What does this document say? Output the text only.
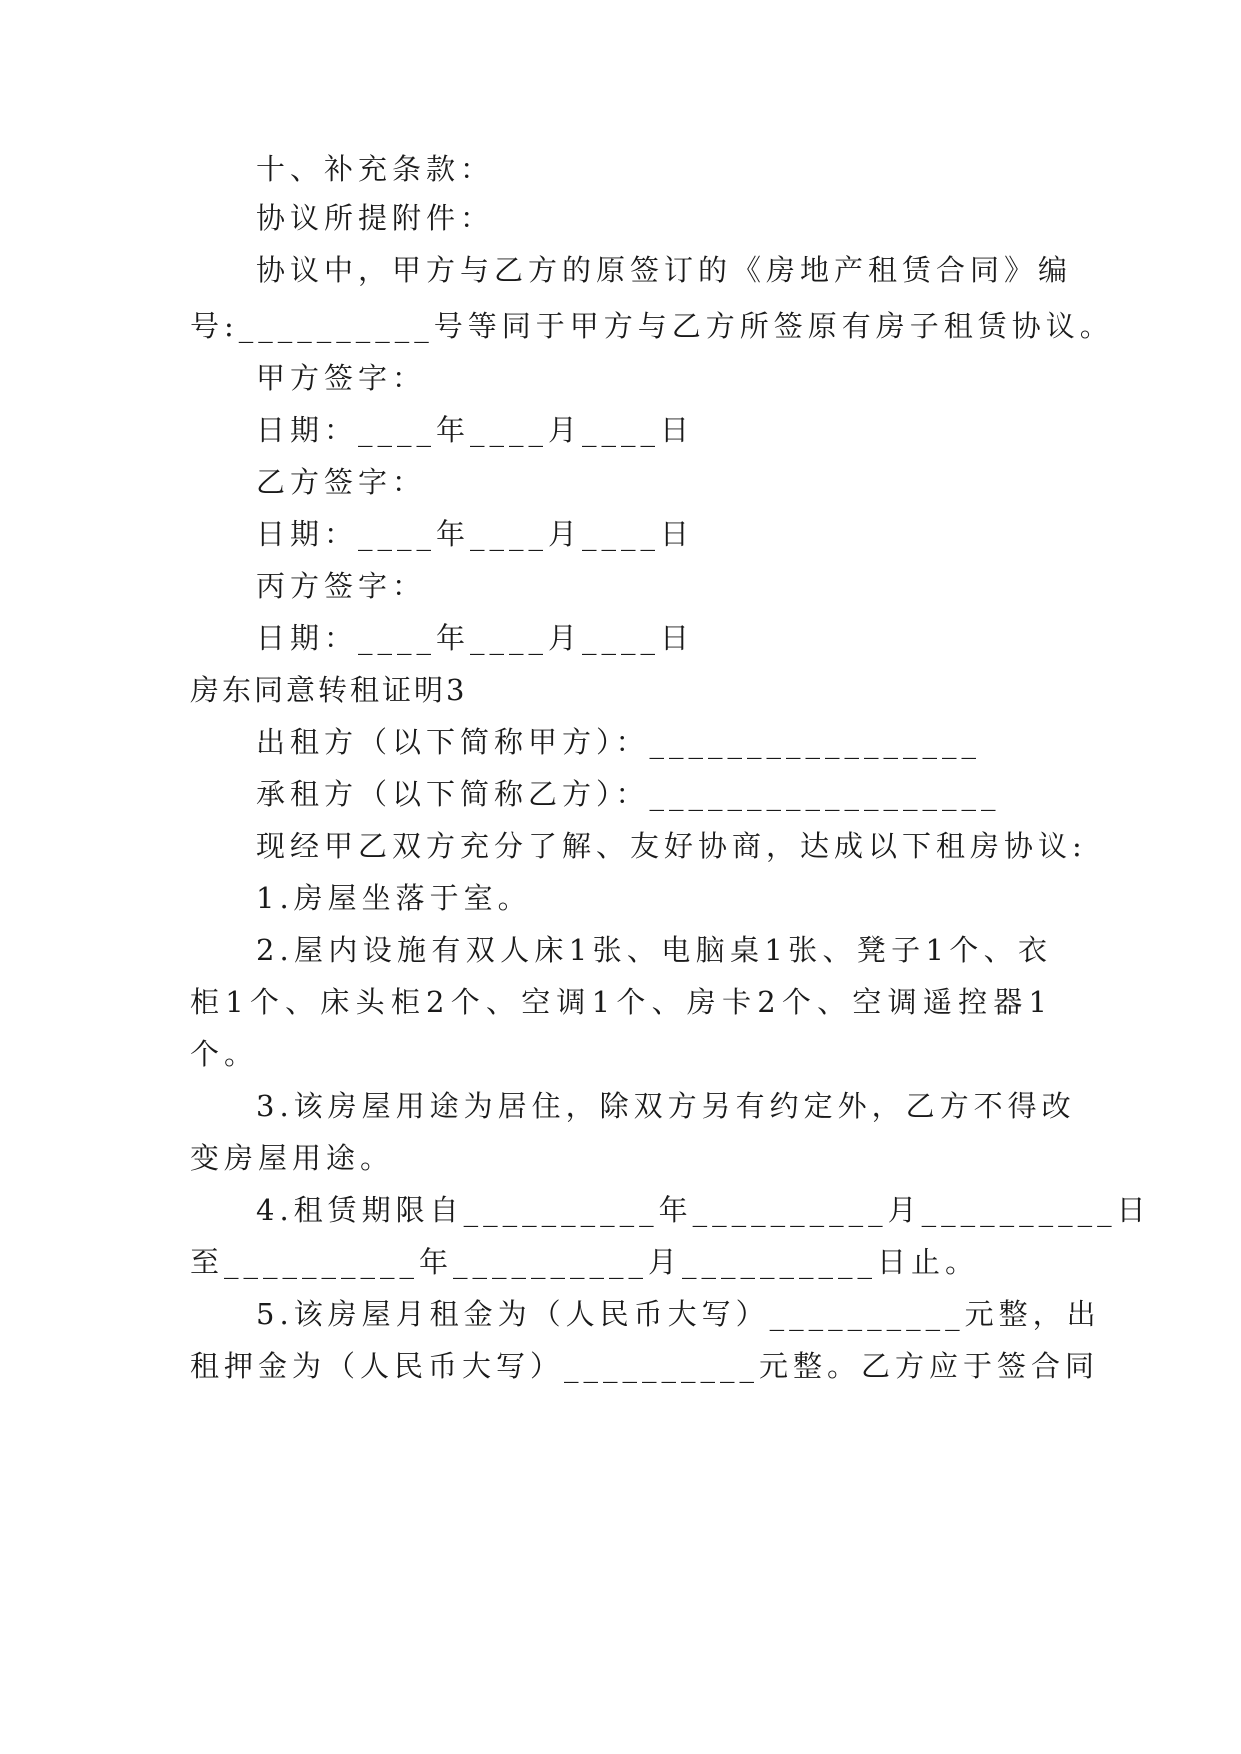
十、补充条款：
协议所提附件：
协议中，甲方与乙方的原签订的《房地产租赁合同》编
号:__________号等同于甲方与乙方所签原有房子租赁协议。
甲方签字：
日期：____年____月____日
乙方签字：
日期：____年____月____日
丙方签字：
日期：____年____月____日
房东同意转租证明3
出租方（以下简称甲方）：_________________
承租方（以下简称乙方）：__________________
现经甲乙双方充分了解、友好协商，达成以下租房协议:
1.房屋坐落于室。
2.屋内设施有双人床1张、电脑桌1张、凳子1个、衣
柜1个、床头柜2个、空调1个、房卡2个、空调遥控器1
个。
3.该房屋用途为居住，除双方另有约定外，乙方不得改
变房屋用途。
4.租赁期限自__________年__________月__________日
至__________年__________月__________日止。
5.该房屋月租金为（人民币大写）__________元整，出
租押金为（人民币大写）__________元整。乙方应于签合同
